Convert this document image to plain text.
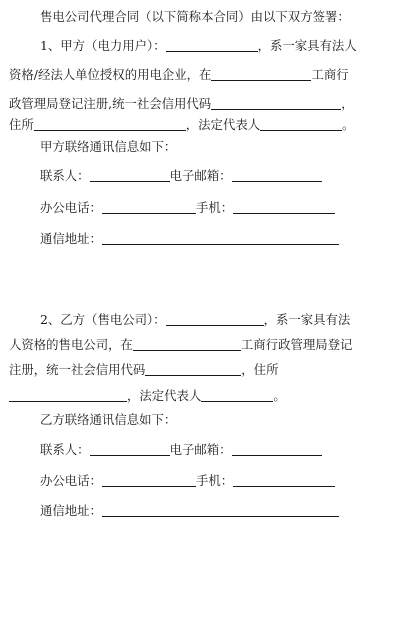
售电公司代理合同（以下简称本合同）由以下双方签署：
1、甲方（电力用户）：	，系一家具有法人
资格/经法人单位授权的用电企业，在	工商行
政管理局登记注册,统一社会信用代码	，
住所	，法定代表人	。
甲方联络通讯信息如下：
联系人：	电子邮箱：
办公电话：	手机：
通信地址：
2、乙方（售电公司）：	，系一家具有法
人资格的售电公司，在	工商行政管理局登记
注册，统一社会信用代码	，住所
，法定代表人	。
乙方联络通讯信息如下：
联系人：	电子邮箱：
办公电话：	手机：
通信地址：
